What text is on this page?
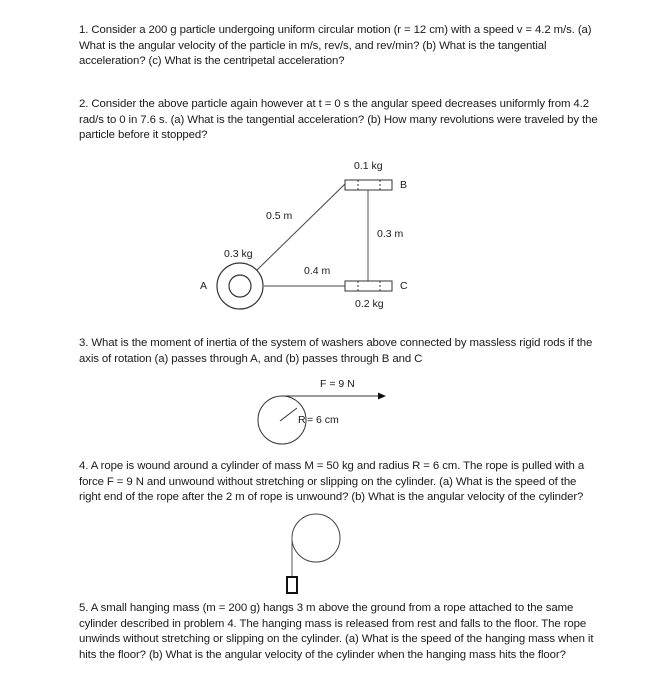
1. Consider a 200 g particle undergoing uniform circular motion (r = 12 cm) with a speed v = 4.2 m/s. (a) What is the angular velocity of the particle in m/s, rev/s, and rev/min? (b) What is the tangential acceleration? (c) What is the centripetal acceleration?
2. Consider the above particle again however at t = 0 s the angular speed decreases uniformly from 4.2 rad/s to 0 in 7.6 s. (a) What is the tangential acceleration? (b) How many revolutions were traveled by the particle before it stopped?
0.1 kg
B
0.5 m
0.3 m
0.3 kg
0.4 m
A	C
0.2 kg
3. What is the moment of inertia of the system of washers above connected by massless rigid rods if the axis of rotation (a) passes through A, and (b) passes through B and C
F = 9 N
R = 6 cm
4. A rope is wound around a cylinder of mass M = 50 kg and radius R = 6 cm. The rope is pulled with a force F = 9 N and unwound without stretching or slipping on the cylinder. (a) What is the speed of the right end of the rope after the 2 m of rope is unwound? (b) What is the angular velocity of the cylinder?
5. A small hanging mass (m = 200 g) hangs 3 m above the ground from a rope attached to the same cylinder described in problem 4. The hanging mass is released from rest and falls to the floor. The rope unwinds without stretching or slipping on the cylinder. (a) What is the speed of the hanging mass when it hits the floor? (b) What is the angular velocity of the cylinder when the hanging mass hits the floor?
